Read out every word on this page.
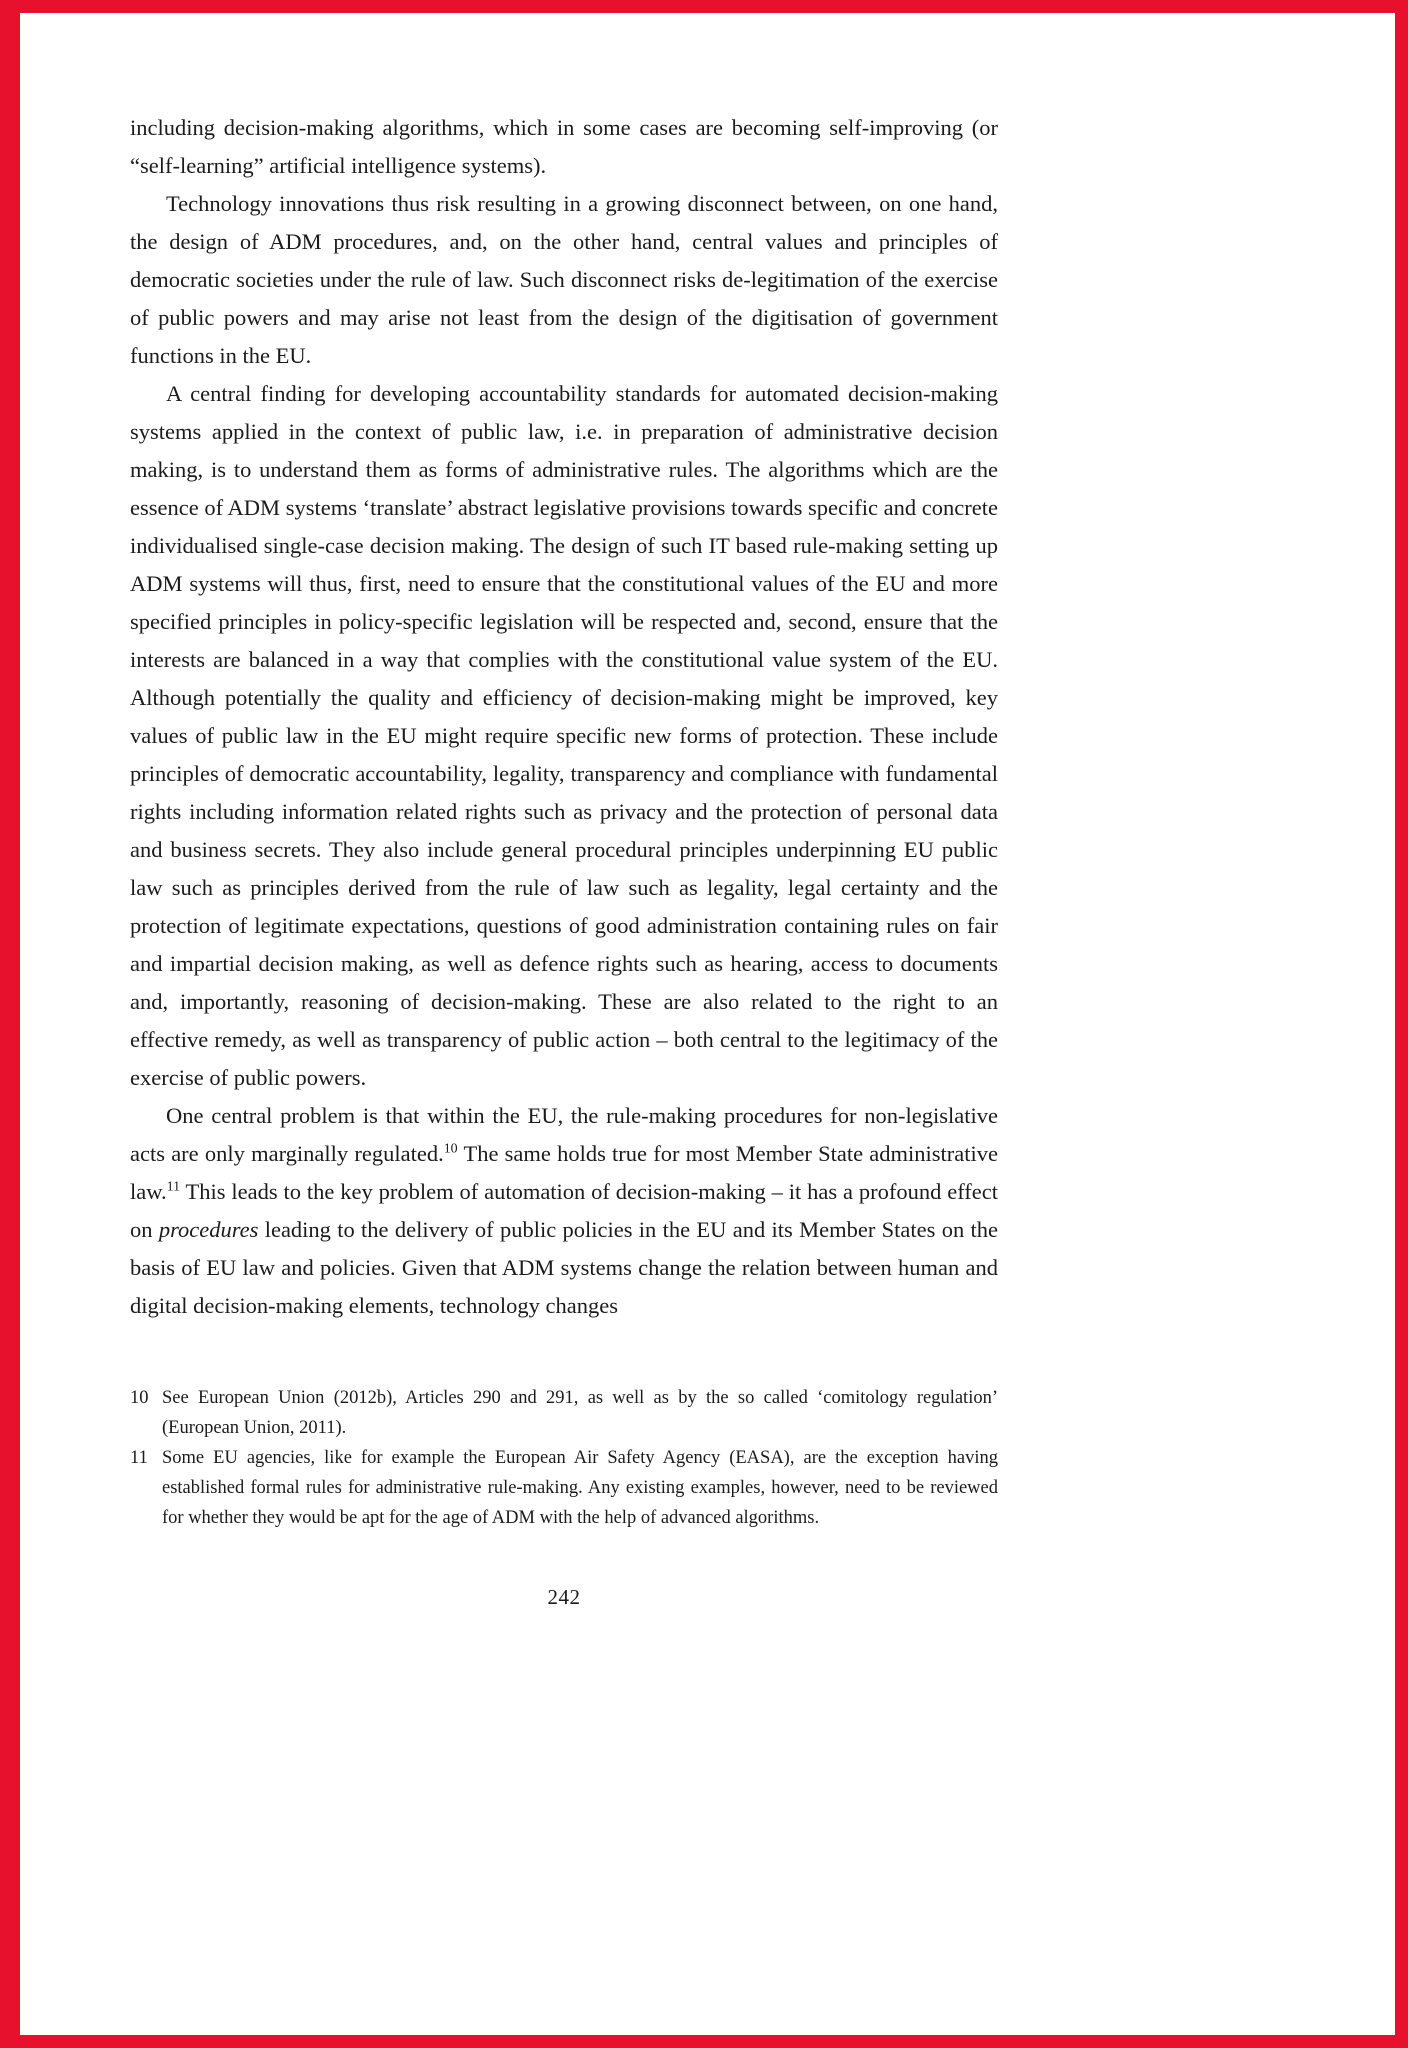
including decision-making algorithms, which in some cases are becoming self-improving (or “self-learning” artificial intelligence systems).

Technology innovations thus risk resulting in a growing disconnect between, on one hand, the design of ADM procedures, and, on the other hand, central values and principles of democratic societies under the rule of law. Such disconnect risks de-legitimation of the exercise of public powers and may arise not least from the design of the digitisation of government functions in the EU.

A central finding for developing accountability standards for automated decision-making systems applied in the context of public law, i.e. in preparation of administrative decision making, is to understand them as forms of administrative rules. The algorithms which are the essence of ADM systems ‘translate’ abstract legislative provisions towards specific and concrete individualised single-case decision making. The design of such IT based rule-making setting up ADM systems will thus, first, need to ensure that the constitutional values of the EU and more specified principles in policy-specific legislation will be respected and, second, ensure that the interests are balanced in a way that complies with the constitutional value system of the EU. Although potentially the quality and efficiency of decision-making might be improved, key values of public law in the EU might require specific new forms of protection. These include principles of democratic accountability, legality, transparency and compliance with fundamental rights including information related rights such as privacy and the protection of personal data and business secrets. They also include general procedural principles underpinning EU public law such as principles derived from the rule of law such as legality, legal certainty and the protection of legitimate expectations, questions of good administration containing rules on fair and impartial decision making, as well as defence rights such as hearing, access to documents and, importantly, reasoning of decision-making. These are also related to the right to an effective remedy, as well as transparency of public action – both central to the legitimacy of the exercise of public powers.

One central problem is that within the EU, the rule-making procedures for non-legislative acts are only marginally regulated.$^{10}$ The same holds true for most Member State administrative law.$^{11}$ This leads to the key problem of automation of decision-making – it has a profound effect on procedures leading to the delivery of public policies in the EU and its Member States on the basis of EU law and policies. Given that ADM systems change the relation between human and digital decision-making elements, technology changes

10 See European Union (2012b), Articles 290 and 291, as well as by the so called ‘comitology regulation’ (European Union, 2011).
11 Some EU agencies, like for example the European Air Safety Agency (EASA), are the exception having established formal rules for administrative rule-making. Any existing examples, however, need to be reviewed for whether they would be apt for the age of ADM with the help of advanced algorithms.
242
